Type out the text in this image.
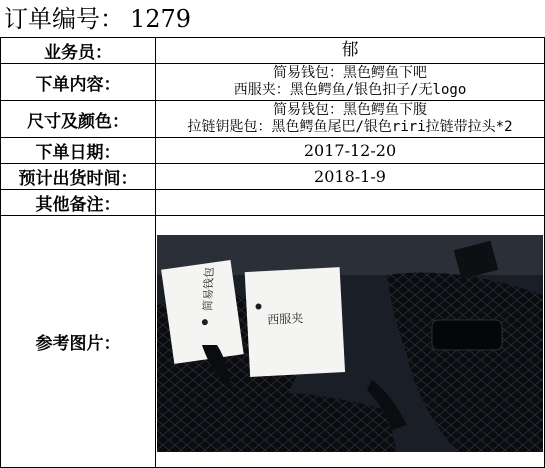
订单编号： 1279
业务员：	郁
下单内容：	简易钱包：黑色鳄鱼下吧
西服夹：黑色鳄鱼/银色扣子/无logo

尺寸及颜色：	简易钱包：黑色鳄鱼下腹
拉链钥匙包：黑色鳄鱼尾巴/银色riri拉链带拉头*2

下单日期：	2017-12-20
预计出货时间：	2018-1-9
其他备注：	
参考图片：	简易钱包
西服夹
